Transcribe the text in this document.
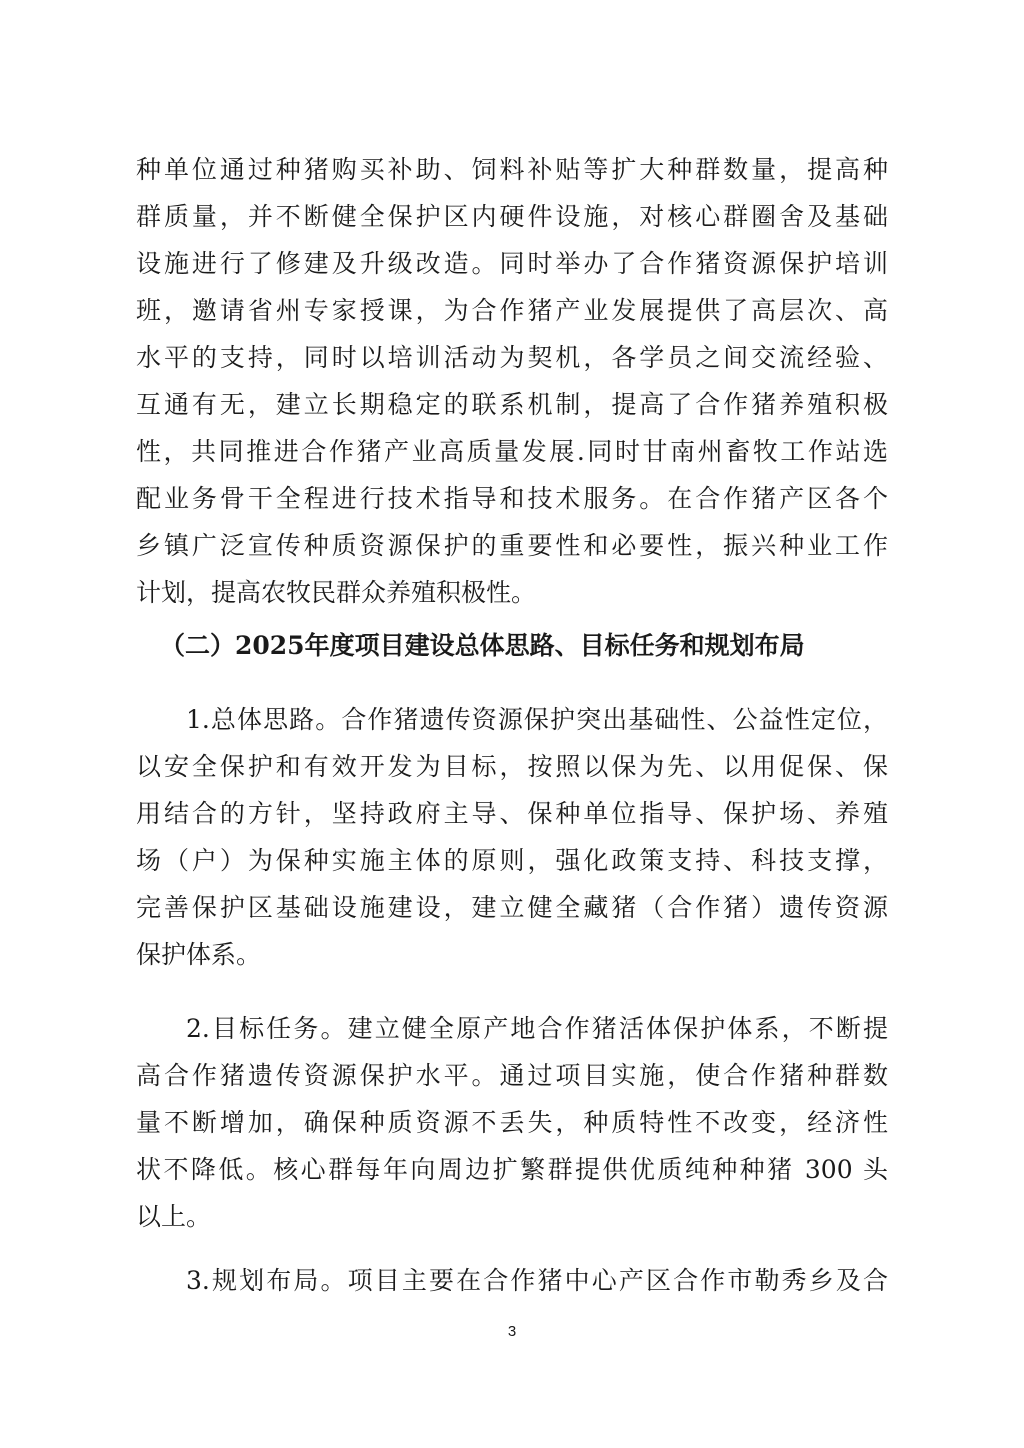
种单位通过种猪购买补助、饲料补贴等扩大种群数量，提高种
群质量，并不断健全保护区内硬件设施，对核心群圈舍及基础
设施进行了修建及升级改造。同时举办了合作猪资源保护培训
班，邀请省州专家授课，为合作猪产业发展提供了高层次、高
水平的支持，同时以培训活动为契机，各学员之间交流经验、
互通有无，建立长期稳定的联系机制，提高了合作猪养殖积极
性，共同推进合作猪产业高质量发展.同时甘南州畜牧工作站选
配业务骨干全程进行技术指导和技术服务。在合作猪产区各个
乡镇广泛宣传种质资源保护的重要性和必要性，振兴种业工作
计划，提高农牧民群众养殖积极性。
（二）2025年度项目建设总体思路、目标任务和规划布局
1.总体思路。合作猪遗传资源保护突出基础性、公益性定位，
以安全保护和有效开发为目标，按照以保为先、以用促保、保
用结合的方针，坚持政府主导、保种单位指导、保护场、养殖
场（户）为保种实施主体的原则，强化政策支持、科技支撑，
完善保护区基础设施建设，建立健全藏猪（合作猪）遗传资源
保护体系。
2.目标任务。建立健全原产地合作猪活体保护体系，不断提
高合作猪遗传资源保护水平。通过项目实施，使合作猪种群数
量不断增加，确保种质资源不丢失，种质特性不改变，经济性
状不降低。核心群每年向周边扩繁群提供优质纯种种猪 300 头
以上。
3.规划布局。项目主要在合作猪中心产区合作市勒秀乡及合
3
